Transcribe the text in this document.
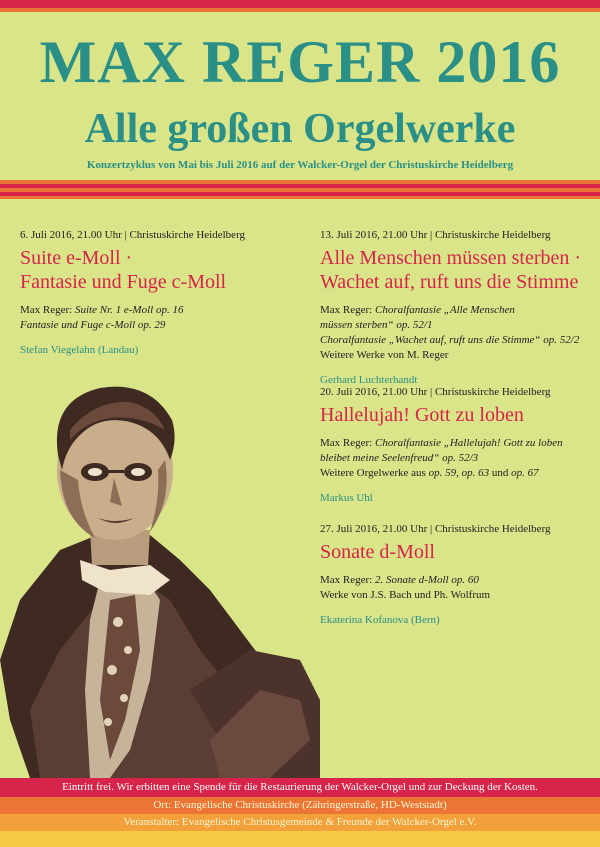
MAX REGER 2016
Alle großen Orgelwerke
Konzertzyklus von Mai bis Juli 2016 auf der Walcker-Orgel der Christuskirche Heidelberg
6. Juli 2016, 21.00 Uhr | Christuskirche Heidelberg
Suite e-Moll ·
Fantasie und Fuge c-Moll
Max Reger: Suite Nr. 1 e-Moll op. 16
Fantasie und Fuge c-Moll op. 29
Stefan Viegelahn (Landau)
13. Juli 2016, 21.00 Uhr | Christuskirche Heidelberg
Alle Menschen müssen sterben ·
Wachet auf, ruft uns die Stimme
Max Reger: Choralfantasie „Alle Menschen
müssen sterben“ op. 52/1
Choralfantasie „Wachet auf, ruft uns die Stimme“ op. 52/2
Weitere Werke von M. Reger
Gerhard Luchterhandt
20. Juli 2016, 21.00 Uhr | Christuskirche Heidelberg
Hallelujah! Gott zu loben
Max Reger: Choralfantasie „Hallelujah! Gott zu loben
bleibet meine Seelenfreud“ op. 52/3
Weitere Orgelwerke aus op. 59, op. 63 und op. 67
Markus Uhl
27. Juli 2016, 21.00 Uhr | Christuskirche Heidelberg
Sonate d-Moll
Max Reger: 2. Sonate d-Moll op. 60
Werke von J.S. Bach und Ph. Wolfrum
Ekaterina Kofanova (Bern)
Eintritt frei. Wir erbitten eine Spende für die Restaurierung der Walcker-Orgel und zur Deckung der Kosten.
Ort: Evangelische Christuskirche (Zähringerstraße, HD-Weststadt)
Veranstalter: Evangelische Christusgemeinde & Freunde der Walcker-Orgel e.V.
